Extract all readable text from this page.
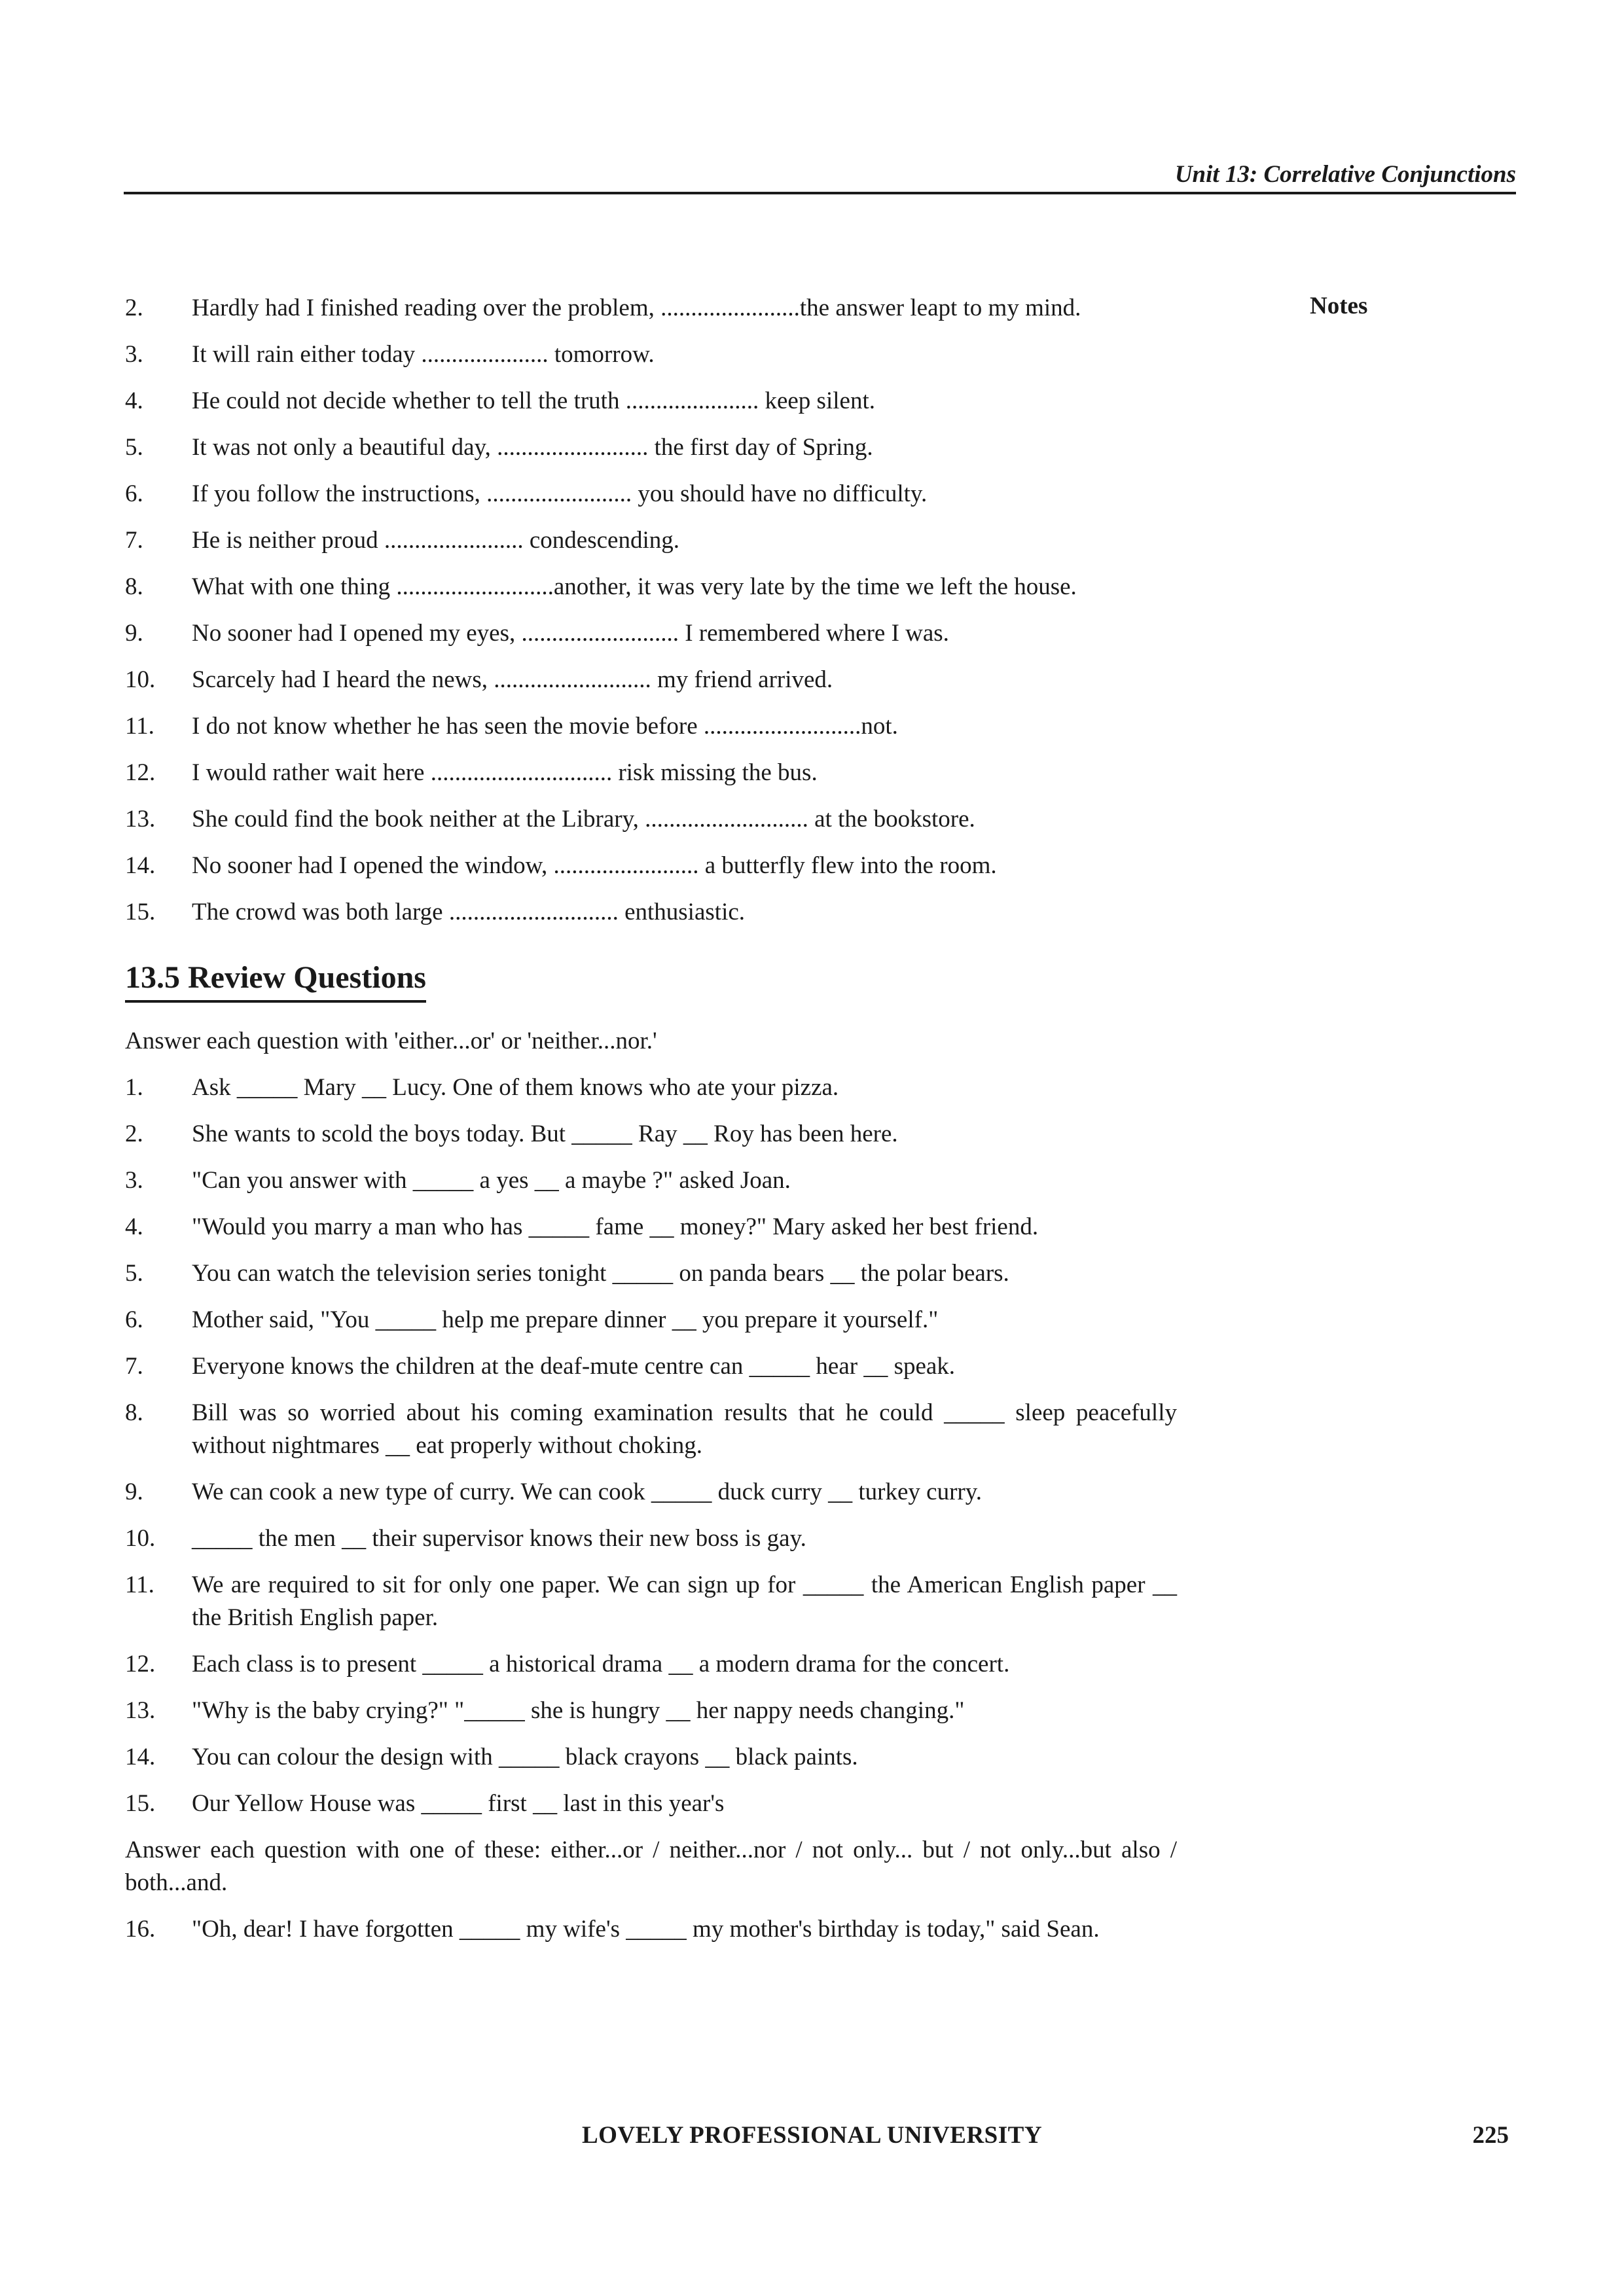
Unit 13: Correlative Conjunctions
Notes
2.	Hardly had I finished reading over the problem, .......................the answer leapt to my mind.
3.	It will rain either today ..................... tomorrow.
4.	He could not decide whether to tell the truth ...................... keep silent.
5.	It was not only a beautiful day, ......................... the first day of Spring.
6.	If you follow the instructions, ........................ you should have no difficulty.
7.	He is neither proud ....................... condescending.
8.	What with one thing ..........................another, it was very late by the time we left the house.
9.	No sooner had I opened my eyes, .......................... I remembered where I was.
10.	Scarcely had I heard the news, .......................... my friend arrived.
11.	I do not know whether he has seen the movie before ..........................not.
12.	I would rather wait here .............................. risk missing the bus.
13.	She could find the book neither at the Library, ........................... at the bookstore.
14.	No sooner had I opened the window, ........................ a butterfly flew into the room.
15.	The crowd was both large ............................ enthusiastic.
13.5 Review Questions
Answer each question with 'either...or' or 'neither...nor.'
1.	Ask _____ Mary __ Lucy. One of them knows who ate your pizza.
2.	She wants to scold the boys today. But _____ Ray __ Roy has been here.
3.	"Can you answer with _____ a yes __ a maybe ?" asked Joan.
4.	"Would you marry a man who has _____ fame __ money?" Mary asked her best friend.
5.	You can watch the television series tonight _____ on panda bears __ the polar bears.
6.	Mother said, "You _____ help me prepare dinner __ you prepare it yourself."
7.	Everyone knows the children at the deaf-mute centre can _____ hear __ speak.
8.	Bill was so worried about his coming examination results that he could _____ sleep peacefully without nightmares __ eat properly without choking.
9.	We can cook a new type of curry. We can cook _____ duck curry __ turkey curry.
10.	_____ the men __ their supervisor knows their new boss is gay.
11.	We are required to sit for only one paper. We can sign up for _____ the American English paper __ the British English paper.
12.	Each class is to present _____ a historical drama __ a modern drama for the concert.
13.	"Why is the baby crying?" "_____ she is hungry __ her nappy needs changing."
14.	You can colour the design with _____ black crayons __ black paints.
15.	Our Yellow House was _____ first __ last in this year's
Answer each question with one of these: either...or / neither...nor / not only... but / not only...but also / both...and.
16.	"Oh, dear! I have forgotten _____ my wife's _____ my mother's birthday is today," said Sean.
LOVELY PROFESSIONAL UNIVERSITY	225
